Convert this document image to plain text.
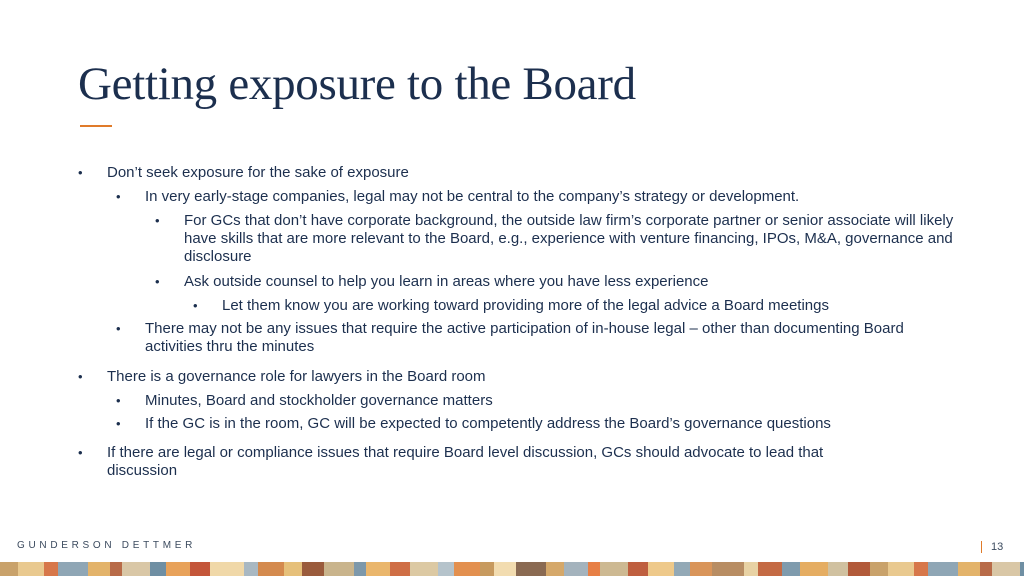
Getting exposure to the Board
• Don’t seek exposure for the sake of exposure
• In very early-stage companies, legal may not be central to the company’s strategy or development.
• For GCs that don’t have corporate background, the outside law firm’s corporate partner or senior associate will likely have skills that are more relevant to the Board, e.g., experience with venture financing, IPOs, M&A, governance and disclosure
• Ask outside counsel to help you learn in areas where you have less experience
• Let them know you are working toward providing more of the legal advice a Board meetings
• There may not be any issues that require the active participation of in-house legal – other than documenting Board activities thru the minutes
• There is a governance role for lawyers in the Board room
• Minutes, Board and stockholder governance matters
• If the GC is in the room, GC will be expected to competently address the Board’s governance questions
• If there are legal or compliance issues that require Board level discussion, GCs should advocate to lead that discussion
GUNDERSON DETTMER	13
